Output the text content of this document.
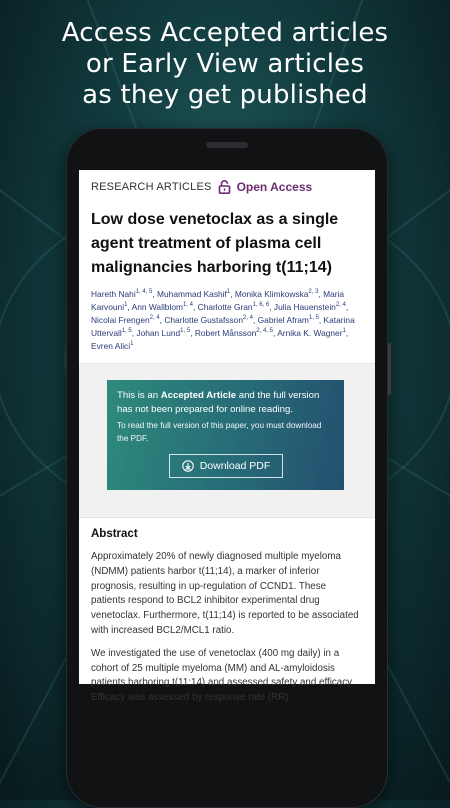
Access Accepted articles
or Early View articles
as they get published
RESEARCH ARTICLES Open Access
Low dose venetoclax as a single agent treatment of plasma cell malignancies harboring t(11;14)
Hareth Nahi$^{1, 4, 5}$, Muhammad Kashif$^1$, Monika Klimkowska$^{2, 3}$, Maria Karvouni$^1$, Ann Wallblom$^{1, 4}$, Charlotte Gran$^{1, 6, 6}$, Julia Hauenstein$^{2, 4}$, Nicolai Frengen$^{2, 4}$, Charlotte Gustafsson$^{2, 4}$, Gabriel Afram$^{1, 5}$, Katarina Uttervall$^{1, 5}$, Johan Lund$^{1, 5}$, Robert Månsson$^{2, 4, 5}$, Arnika K. Wagner$^1$, Evren Alici$^1$
This is an Accepted Article and the full version has not been prepared for online reading.
To read the full version of this paper, you must download the PDF.
Download PDF
Abstract
Approximately 20% of newly diagnosed multiple myeloma (NDMM) patients harbor t(11;14), a marker of inferior prognosis, resulting in up-regulation of CCND1. These patients respond to BCL2 inhibitor experimental drug venetoclax. Furthermore, t(11;14) is reported to be associated with increased BCL2/MCL1 ratio.
We investigated the use of venetoclax (400 mg daily) in a cohort of 25 multiple myeloma (MM) and AL-amyloidosis patients harboring t(11;14) and assessed safety and efficacy. Efficacy was assessed by response rate (RR)
